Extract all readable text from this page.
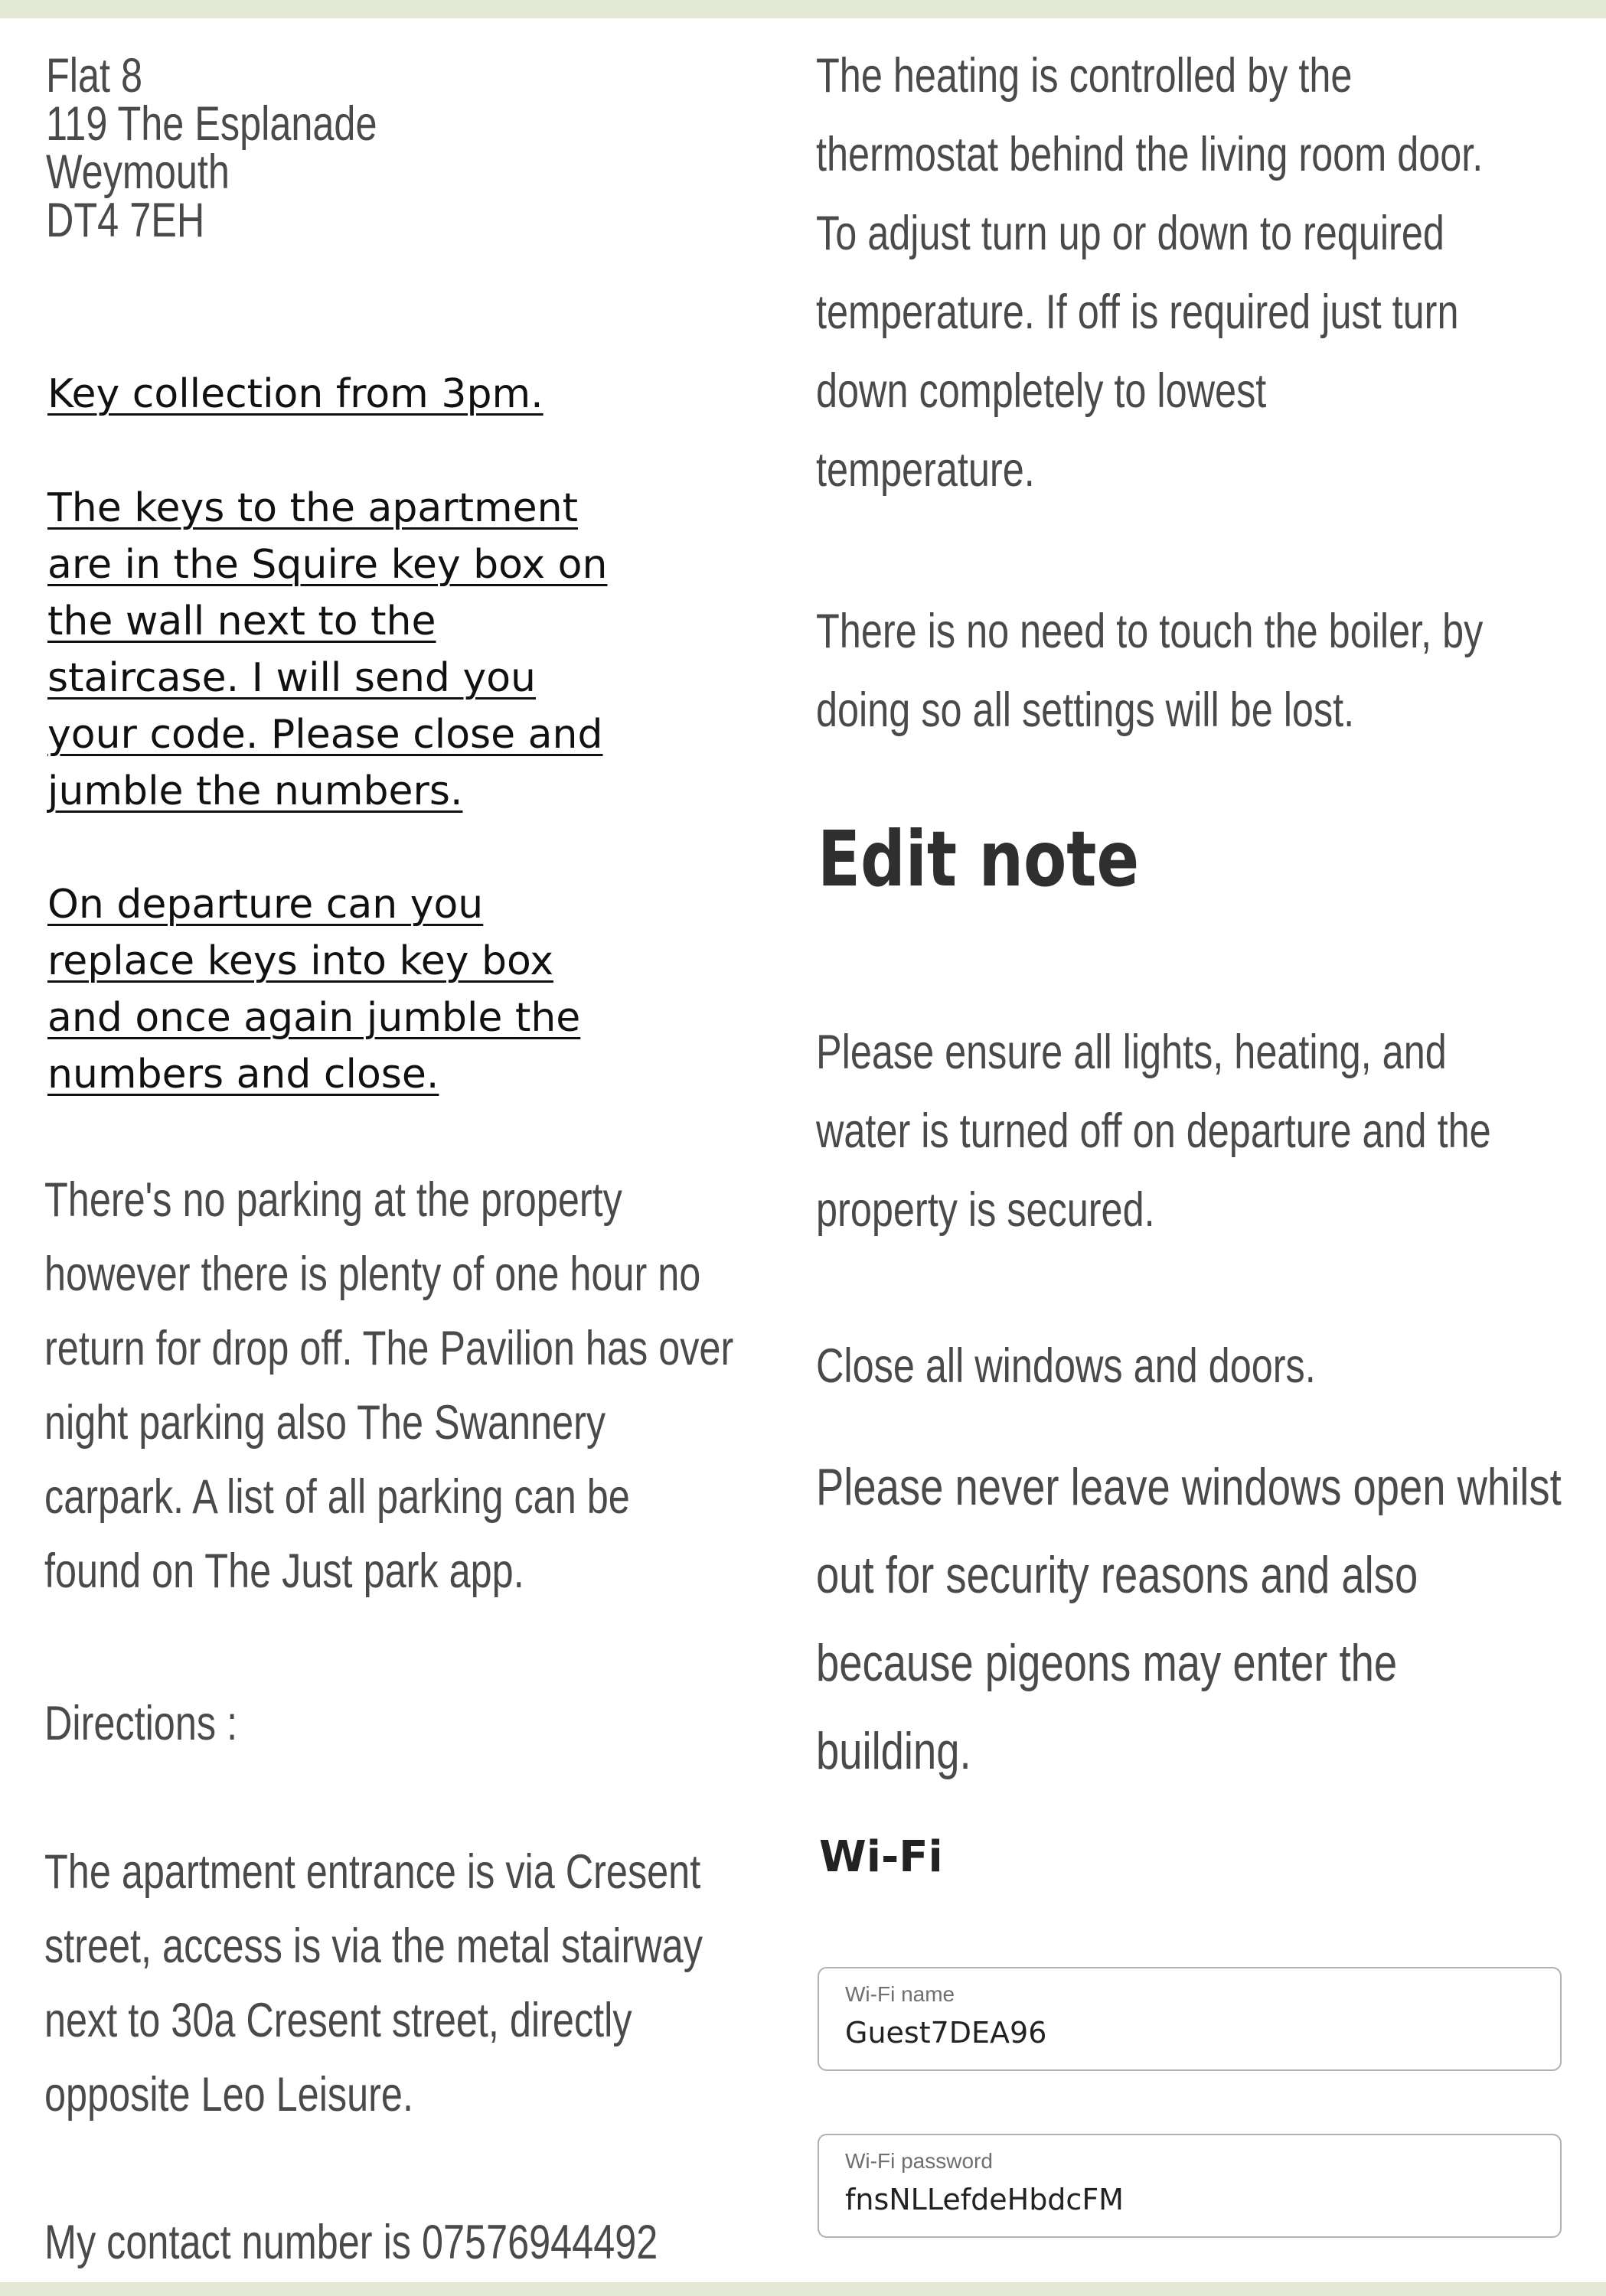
Flat 8
119 The Esplanade
Weymouth
DT4 7EH
Key collection from 3pm.
The keys to the apartment
are in the Squire key box on
the wall next to the
staircase. I will send you
your code. Please close and
jumble the numbers.
On departure can you
replace keys into key box
and once again jumble the
numbers and close.
There's no parking at the property
however there is plenty of one hour no
return for drop off. The Pavilion has over
night parking also The Swannery
carpark. A list of all parking can be
found on The Just park app.
Directions :
The apartment entrance is via Cresent
street, access is via the metal stairway
next to 30a Cresent street, directly
opposite Leo Leisure.
My contact number is 07576944492
The heating is controlled by the
thermostat behind the living room door.
To adjust turn up or down to required
temperature. If off is required just turn
down completely to lowest
temperature.
There is no need to touch the boiler, by
doing so all settings will be lost.
Edit note
Please ensure all lights, heating, and
water is turned off on departure and the
property is secured.
Close all windows and doors.
Please never leave windows open whilst
out for security reasons and also
because pigeons may enter the
building.
Wi-Fi
Wi-Fi name
Guest7DEA96
Wi-Fi password
fnsNLLefdeHbdcFM
